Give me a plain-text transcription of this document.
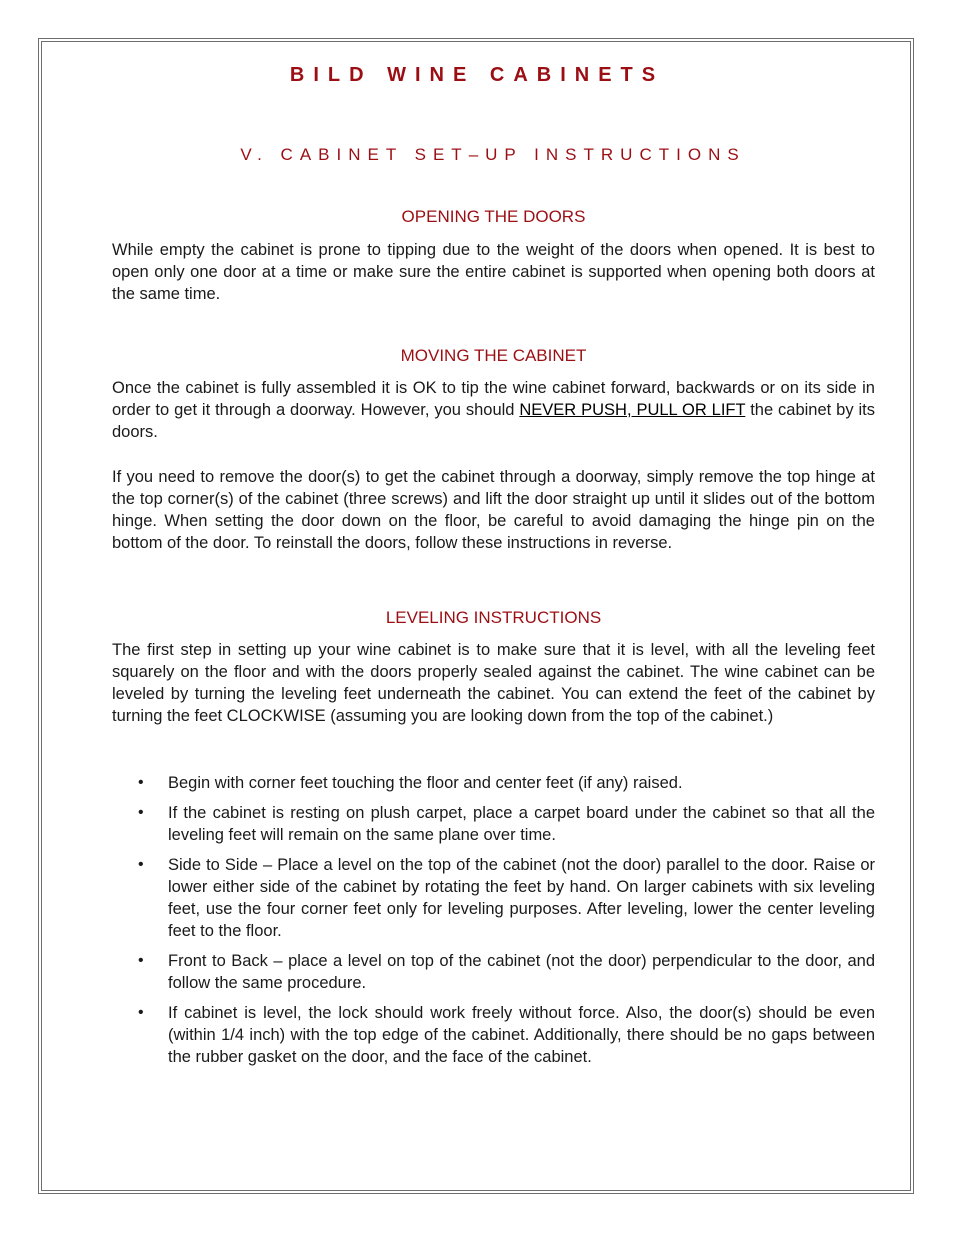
BILD WINE CABINETS
V. CABINET SET–UP INSTRUCTIONS
OPENING THE DOORS

While empty the cabinet is prone to tipping due to the weight of the doors when opened. It is best to open only one door at a time or make sure the entire cabinet is supported when opening both doors at the same time.

MOVING THE CABINET

Once the cabinet is fully assembled it is OK to tip the wine cabinet forward, backwards or on its side in order to get it through a doorway. However, you should NEVER PUSH, PULL OR LIFT the cabinet by its doors.

If you need to remove the door(s) to get the cabinet through a doorway, simply remove the top hinge at the top corner(s) of the cabinet (three screws) and lift the door straight up until it slides out of the bottom hinge. When setting the door down on the floor, be careful to avoid damaging the hinge pin on the bottom of the door. To reinstall the doors, follow these instructions in reverse.

LEVELING INSTRUCTIONS

The first step in setting up your wine cabinet is to make sure that it is level, with all the leveling feet squarely on the floor and with the doors properly sealed against the cabinet. The wine cabinet can be leveled by turning the leveling feet underneath the cabinet. You can extend the feet of the cabinet by turning the feet CLOCKWISE (assuming you are looking down from the top of the cabinet.)

• Begin with corner feet touching the floor and center feet (if any) raised.
• If the cabinet is resting on plush carpet, place a carpet board under the cabinet so that all the leveling feet will remain on the same plane over time.
• Side to Side – Place a level on the top of the cabinet (not the door) parallel to the door. Raise or lower either side of the cabinet by rotating the feet by hand. On larger cabinets with six leveling feet, use the four corner feet only for leveling purposes. After leveling, lower the center leveling feet to the floor.
• Front to Back – place a level on top of the cabinet (not the door) perpendicular to the door, and follow the same procedure.
• If cabinet is level, the lock should work freely without force. Also, the door(s) should be even (within 1/4 inch) with the top edge of the cabinet. Additionally, there should be no gaps between the rubber gasket on the door, and the face of the cabinet.
